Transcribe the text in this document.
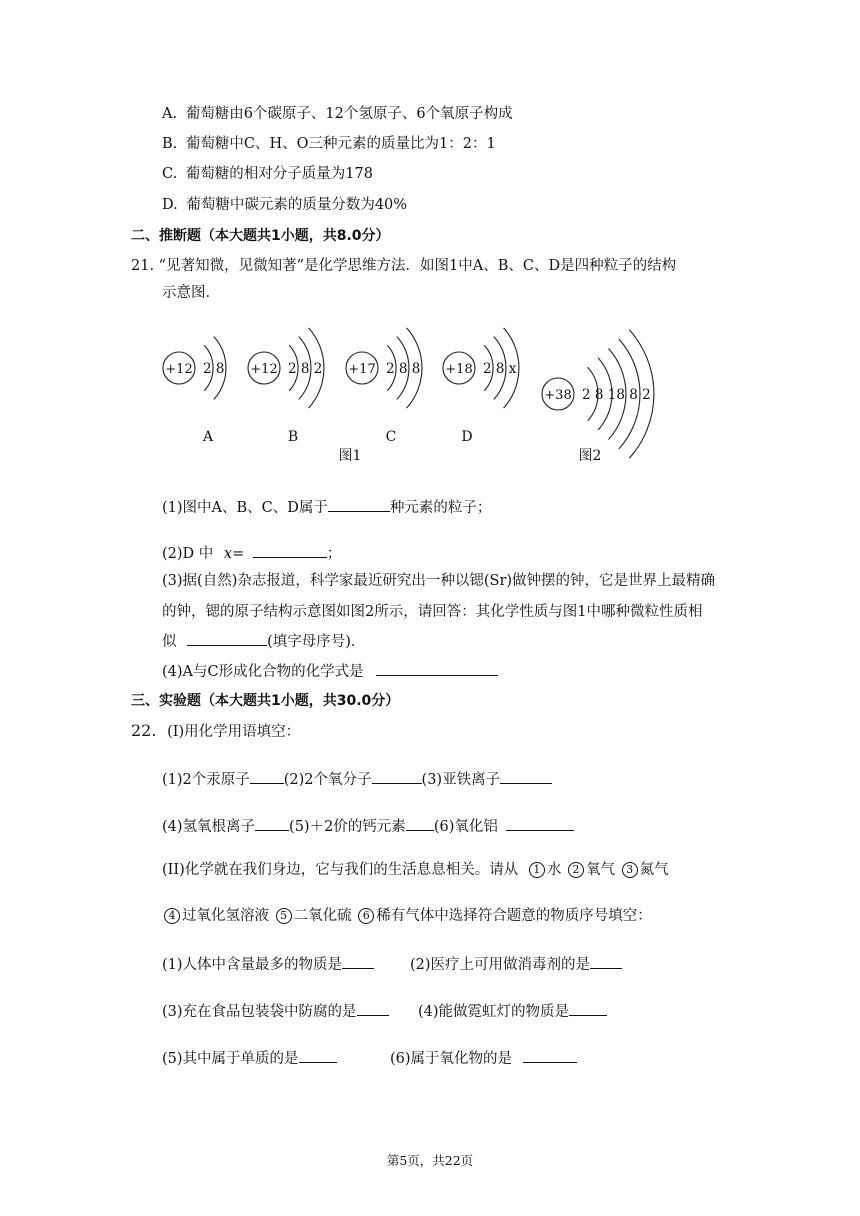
A. 葡萄糖由6个碳原子、12个氢原子、6个氧原子构成
B. 葡萄糖中C、H、O三种元素的质量比为1：2：1
C. 葡萄糖的相对分子质量为178
D. 葡萄糖中碳元素的质量分数为40%
二、推断题（本大题共1小题，共8.0分）
21. “见著知微，见微知著”是化学思维方法．如图1中A、B、C、D是四种粒子的结构
示意图．
+12 2 8
A
+12 2 8 2
B
+17 2 8 8
C
+18 2 8 x
D
+38 2 8 18 8 2
图1	图2
(1)图中A、B、C、D属于	种元素的粒子；
(2)D 中 x=	；
(3)据(自然)杂志报道，科学家最近研究出一种以锶(Sr)做钟摆的钟，它是世界上最精确
的钟，锶的原子结构示意图如图2所示，请回答：其化学性质与图1中哪种微粒性质相
似	(填字母序号)．
(4)A与C形成化合物的化学式是
三、实验题（本大题共1小题，共30.0分）
22. (I)用化学用语填空：
(1)2个汞原子 (2)2个氧分子	(3)亚铁离子
(4)氢氧根离子 (5)＋2价的钙元素 (6)氧化铝
(II)化学就在我们身边，它与我们的生活息息相关。请从 1 水 2 氧气 3 氮气
4 过氧化氢溶液 5 二氧化硫 6 稀有气体中选择符合题意的物质序号填空：
(1)人体中含量最多的物质是	(2)医疗上可用做消毒剂的是
(3)充在食品包装袋中防腐的是	(4)能做霓虹灯的物质是
(5)其中属于单质的是	(6)属于氧化物的是
第5页，共22页
